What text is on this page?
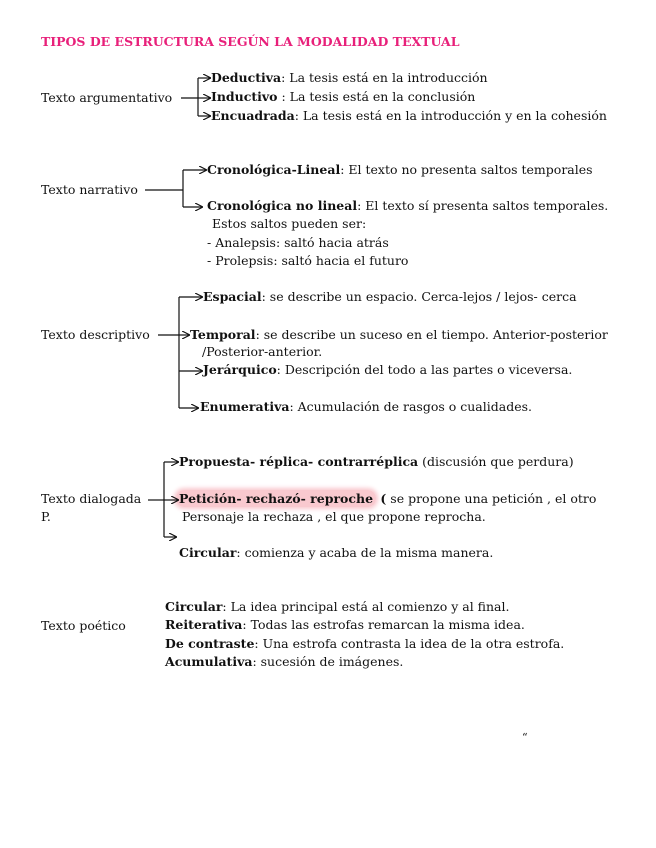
TIPOS DE ESTRUCTURA SEGÚN LA MODALIDAD TEXTUAL
Texto argumentativo
Deductiva: La tesis está en la introducción
Inductivo : La tesis está en la conclusión
Encuadrada: La tesis está en la introducción y en la cohesión
Texto narrativo
Cronológica-Lineal: El texto no presenta saltos temporales
Cronológica no lineal: El texto sí presenta saltos temporales.
Estos saltos pueden ser:
- Analepsis: saltó hacia atrás
- Prolepsis: saltó hacia el futuro
Texto descriptivo
Espacial: se describe un espacio. Cerca-lejos / lejos- cerca
Temporal: se describe un suceso en el tiempo. Anterior-posterior
/Posterior-anterior.
Jerárquico: Descripción del todo a las partes o viceversa.
Enumerativa: Acumulación de rasgos o cualidades.
Texto dialogada
P.
Propuesta- réplica- contrarréplica (discusión que perdura)
Petición- rechazó- reproche ( se propone una petición , el otro
Personaje la rechaza , el que propone reprocha.
Circular: comienza y acaba de la misma manera.
Texto poético
Circular: La idea principal está al comienzo y al final.
Reiterativa: Todas las estrofas remarcan la misma idea.
De contraste: Una estrofa contrasta la idea de la otra estrofa.
Acumulativa: sucesión de imágenes.
“
